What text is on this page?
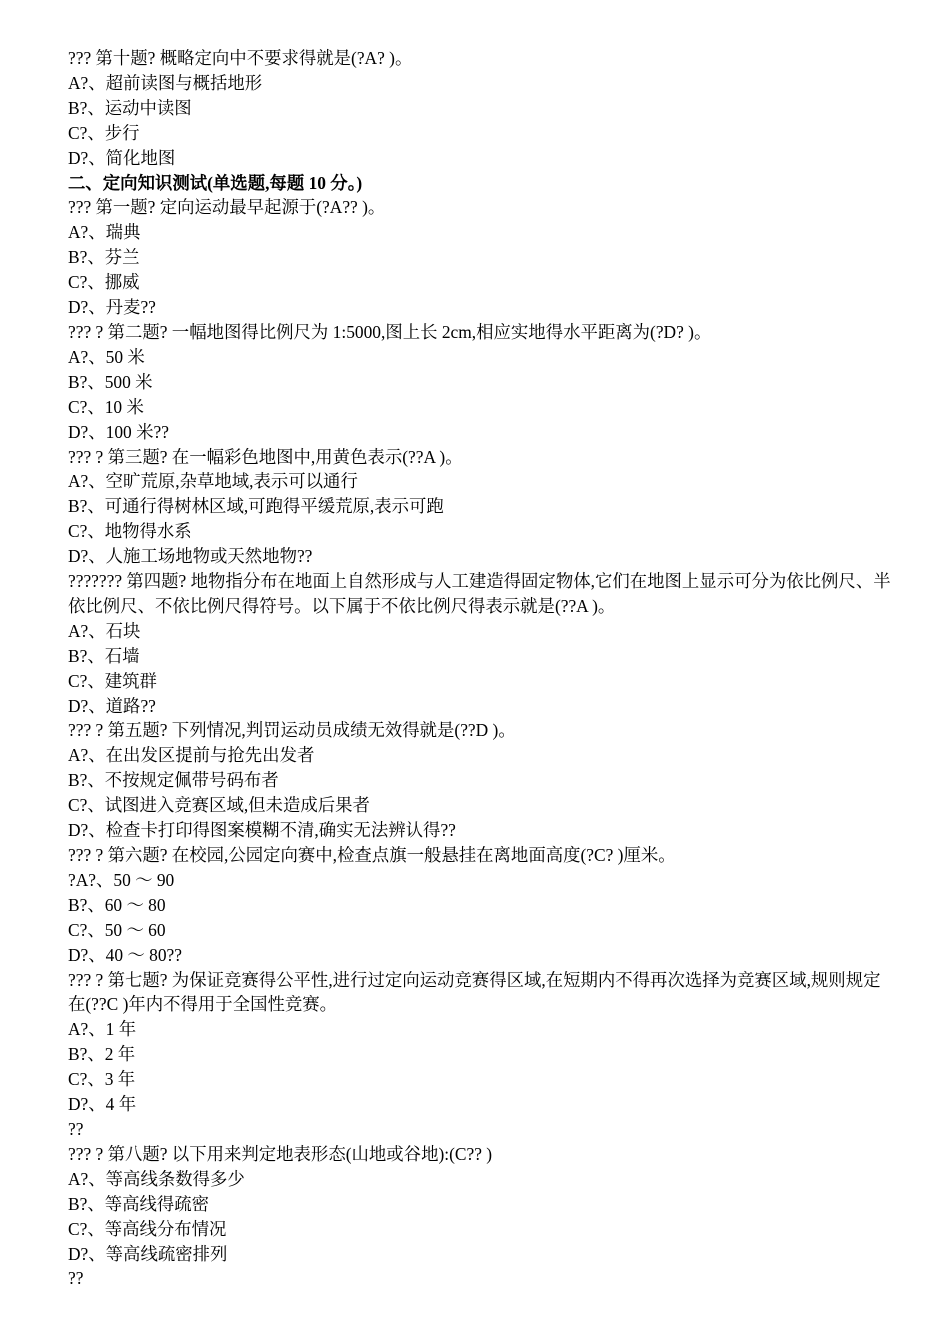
??? 第十题? 概略定向中不要求得就是(?A? )。

A?、超前读图与概括地形

B?、运动中读图

C?、步行

D?、简化地图

二、定向知识测试(单选题,每题 10 分。)

??? 第一题? 定向运动最早起源于(?A?? )。

A?、瑞典

B?、芬兰

C?、挪威

D?、丹麦??

??? ? 第二题? 一幅地图得比例尺为 1:5000,图上长 2cm,相应实地得水平距离为(?D? )。

A?、50 米

B?、500 米

C?、10 米

D?、100 米??

??? ? 第三题? 在一幅彩色地图中,用黄色表示(??A )。

A?、空旷荒原,杂草地域,表示可以通行

B?、可通行得树林区域,可跑得平缓荒原,表示可跑

C?、地物得水系

D?、人施工场地物或天然地物??

??????? 第四题? 地物指分布在地面上自然形成与人工建造得固定物体,它们在地图上显示可分为依比例尺、半依比例尺、不依比例尺得符号。以下属于不依比例尺得表示就是(??A )。

A?、石块

B?、石墙

C?、建筑群

D?、道路??

??? ? 第五题? 下列情况,判罚运动员成绩无效得就是(??D )。

A?、在出发区提前与抢先出发者

B?、不按规定佩带号码布者

C?、试图进入竞赛区域,但未造成后果者

D?、检查卡打印得图案模糊不清,确实无法辨认得??

??? ? 第六题? 在校园,公园定向赛中,检查点旗一般悬挂在离地面高度(?C? )厘米。

?A?、50 ～ 90

B?、60 ～ 80

C?、50 ～ 60

D?、40 ～ 80??

??? ? 第七题? 为保证竞赛得公平性,进行过定向运动竞赛得区域,在短期内不得再次选择为竞赛区域,规则规定在(??C )年内不得用于全国性竞赛。

A?、1 年

B?、2 年

C?、3 年

D?、4 年

??

??? ? 第八题? 以下用来判定地表形态(山地或谷地):(C?? )

A?、等高线条数得多少

B?、等高线得疏密

C?、等高线分布情况

D?、等高线疏密排列

??
